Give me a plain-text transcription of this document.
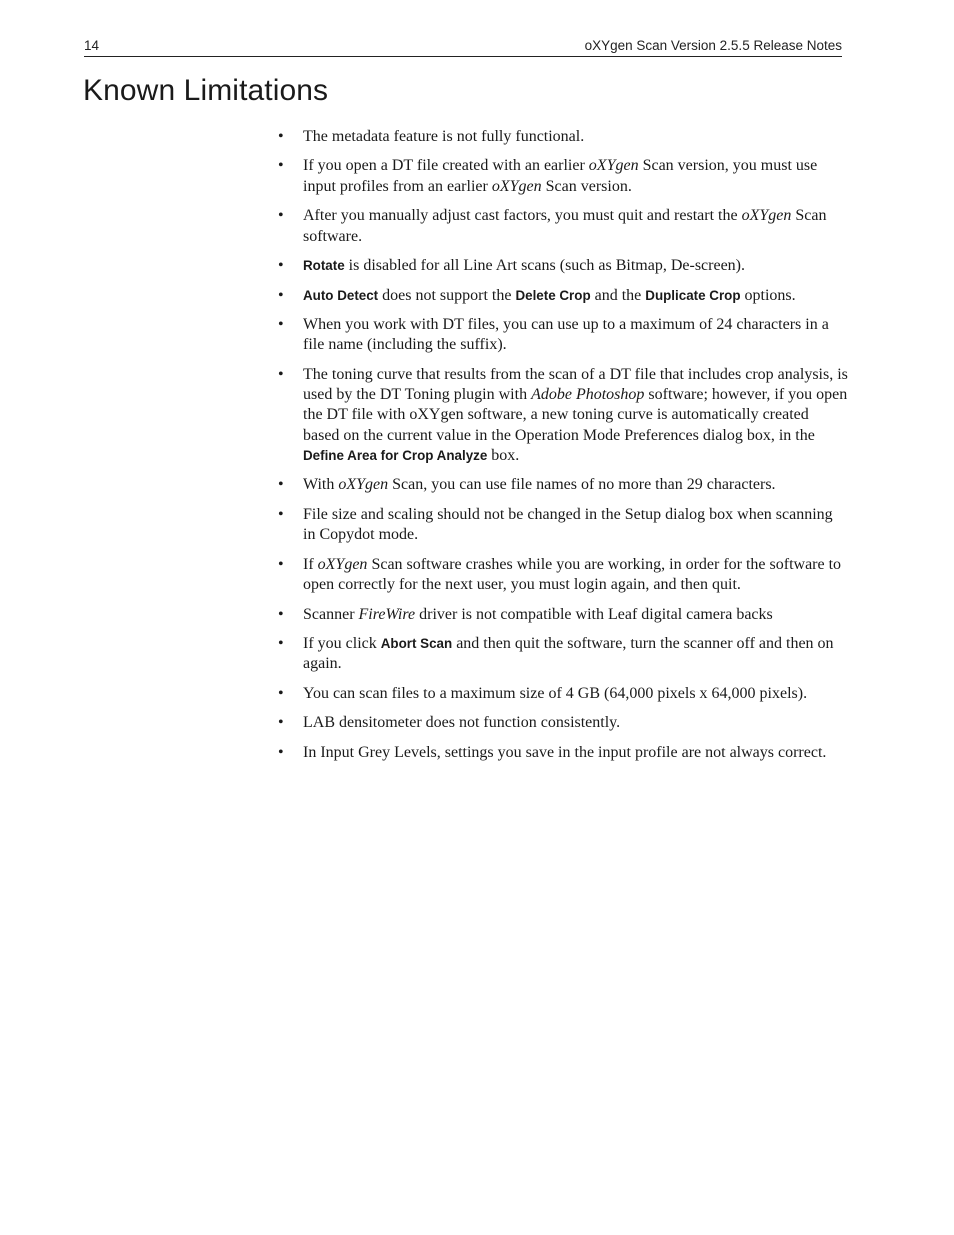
14	oXYgen Scan Version 2.5.5 Release Notes
Known Limitations
• The metadata feature is not fully functional.
• If you open a DT file created with an earlier oXYgen Scan version, you must use input profiles from an earlier oXYgen Scan version.
• After you manually adjust cast factors, you must quit and restart the oXYgen Scan software.
• Rotate is disabled for all Line Art scans (such as Bitmap, De-screen).
• Auto Detect does not support the Delete Crop and the Duplicate Crop options.
• When you work with DT files, you can use up to a maximum of 24 characters in a file name (including the suffix).
• The toning curve that results from the scan of a DT file that includes crop analysis, is used by the DT Toning plugin with Adobe Photoshop software; however, if you open the DT file with oXYgen software, a new toning curve is automatically created based on the current value in the Operation Mode Preferences dialog box, in the Define Area for Crop Analyze box.
• With oXYgen Scan, you can use file names of no more than 29 characters.
• File size and scaling should not be changed in the Setup dialog box when scanning in Copydot mode.
• If oXYgen Scan software crashes while you are working, in order for the software to open correctly for the next user, you must login again, and then quit.
• Scanner FireWire driver is not compatible with Leaf digital camera backs
• If you click Abort Scan and then quit the software, turn the scanner off and then on again.
• You can scan files to a maximum size of 4 GB (64,000 pixels x 64,000 pixels).
• LAB densitometer does not function consistently.
• In Input Grey Levels, settings you save in the input profile are not always correct.
